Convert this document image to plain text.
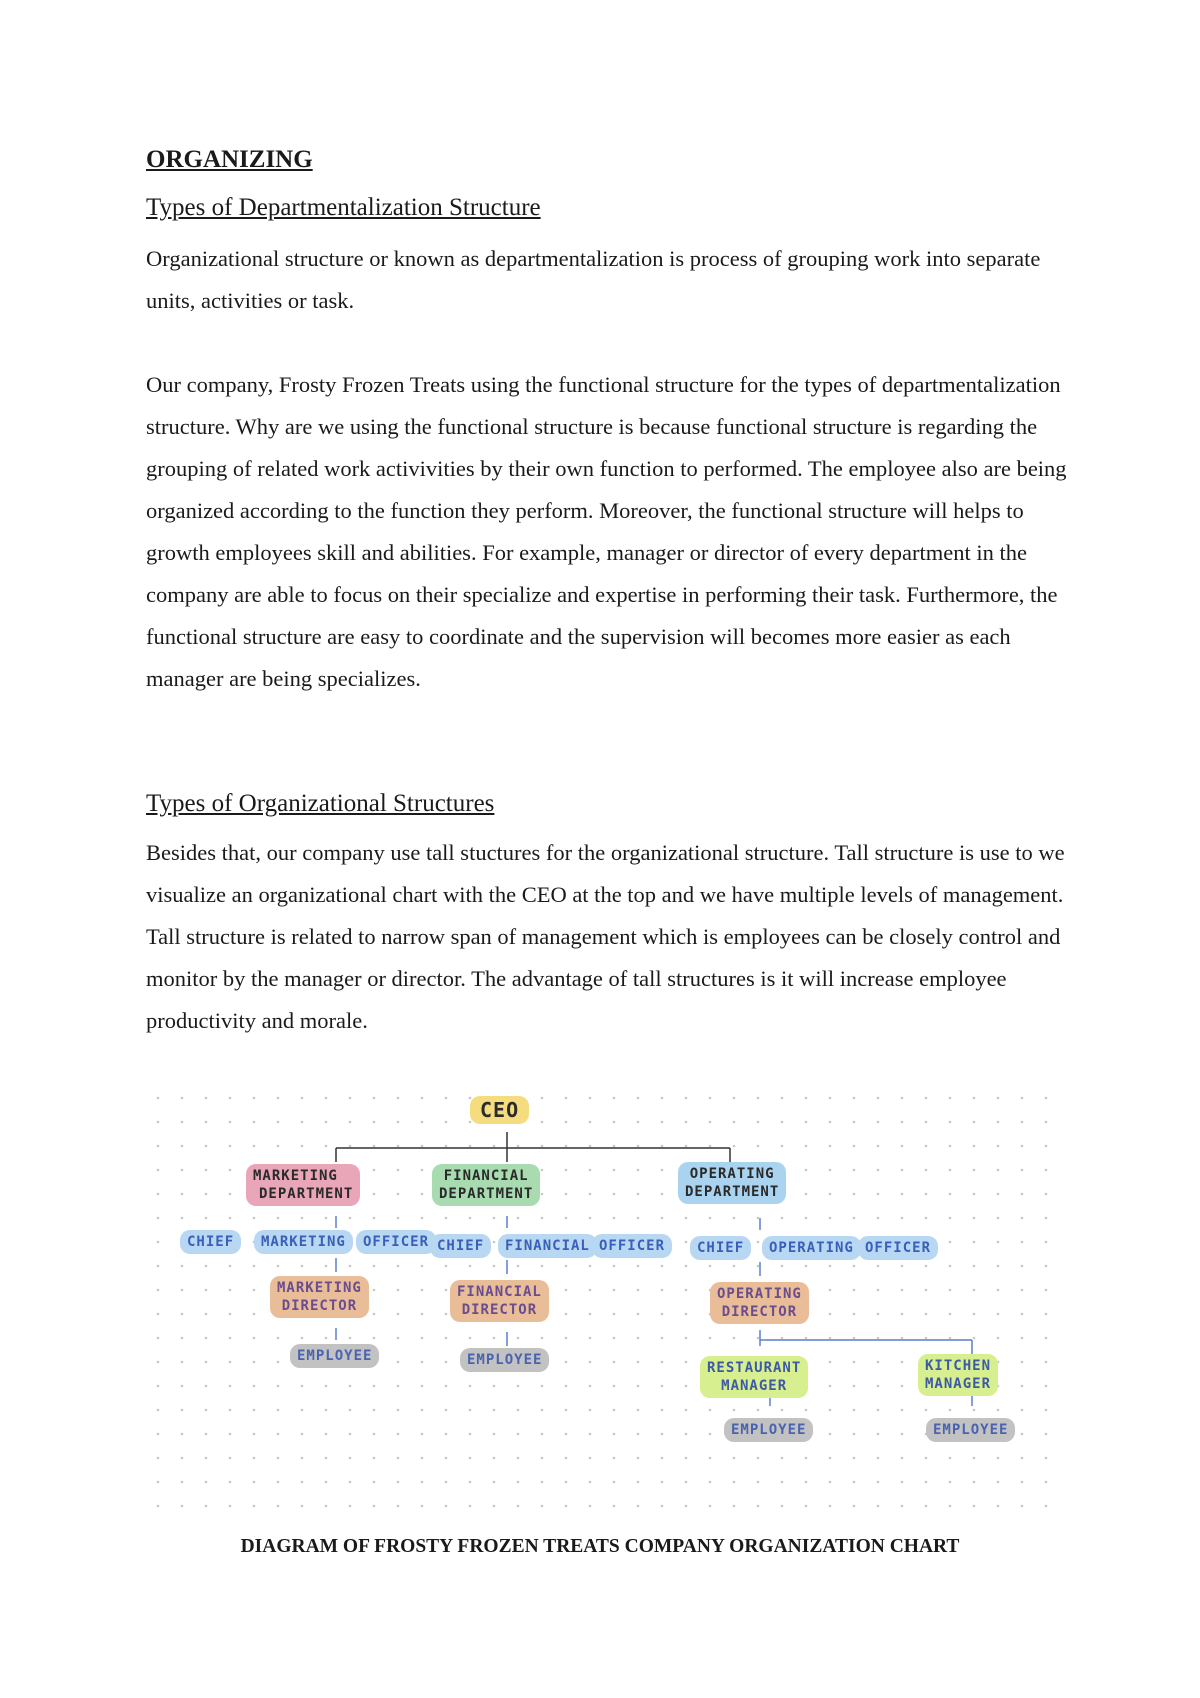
ORGANIZING
Types of Departmentalization Structure

Organizational structure or known as departmentalization is process of grouping work into separate units, activities or task.

Our company, Frosty Frozen Treats using the functional structure for the types of departmentalization structure. Why are we using the functional structure is because functional structure is regarding the grouping of related work activivities by their own function to performed. The employee also are being organized according to the function they perform. Moreover, the functional structure will helps to growth employees skill and abilities. For example, manager or director of every department in the company are able to focus on their specialize and expertise in performing their task. Furthermore, the functional structure are easy to coordinate and the supervision will becomes more easier as each manager are being specializes.

Types of Organizational Structures

Besides that, our company use tall stuctures for the organizational structure. Tall structure is use to we visualize an organizational chart with the CEO at the top and we have multiple levels of management. Tall structure is related to narrow span of management which is employees can be closely control and monitor by the manager or director. The advantage of tall structures is it will increase employee productivity and morale.

CEO
MARKETING
DEPARTMENT
CHIEF	MARKETING	OFFICER
MARKETING
DIRECTOR
EMPLOYEE
FINANCIAL
DEPARTMENT
CHIEF	FINANCIAL OFFICER
FINANCIAL
DIRECTOR
EMPLOYEE
OPERATING
DEPARTMENT
CHIEF	OPERATING OFFICER
OPERATING
DIRECTOR
RESTAURANT
MANAGER
KITCHEN
MANAGER
EMPLOYEE	EMPLOYEE

DIAGRAM OF FROSTY FROZEN TREATS COMPANY ORGANIZATION CHART
